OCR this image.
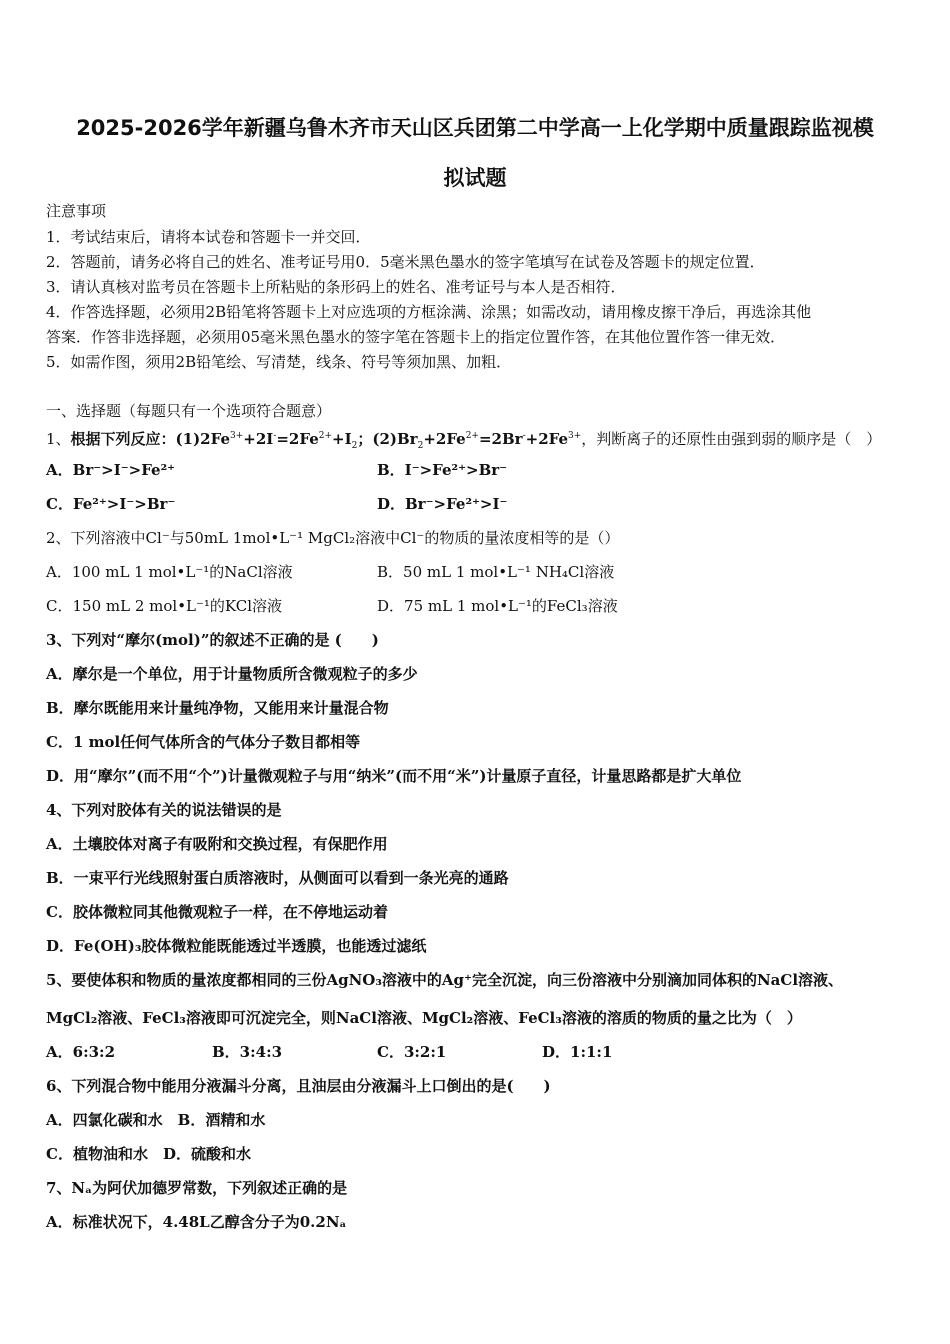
2025-2026学年新疆乌鲁木齐市天山区兵团第二中学高一上化学期中质量跟踪监视模
拟试题
注意事项
1．考试结束后，请将本试卷和答题卡一并交回．
2．答题前，请务必将自己的姓名、准考证号用0．5毫米黑色墨水的签字笔填写在试卷及答题卡的规定位置．
3．请认真核对监考员在答题卡上所粘贴的条形码上的姓名、准考证号与本人是否相符．
4．作答选择题，必须用2B铅笔将答题卡上对应选项的方框涂满、涂黑；如需改动，请用橡皮擦干净后，再选涂其他
答案．作答非选择题，必须用05毫米黑色墨水的签字笔在答题卡上的指定位置作答，在其他位置作答一律无效．
5．如需作图，须用2B铅笔绘、写清楚，线条、符号等须加黑、加粗．
一、选择题（每题只有一个选项符合题意）
1、根据下列反应：$(1)2Fe^{3+}+2I^-=2Fe^{2+}+I_2$；$(2)Br_2+2Fe^{2+}=2Br^-+2Fe^{3+}$，判断离子的还原性由强到弱的顺序是（　）
A．Br⁻>I⁻>Fe²⁺	B．I⁻>Fe²⁺>Br⁻
C．Fe²⁺>I⁻>Br⁻	D．Br⁻>Fe²⁺>I⁻
2、下列溶液中Cl⁻与50mL 1mol•L⁻¹ MgCl₂溶液中Cl⁻的物质的量浓度相等的是（）
A．100 mL 1 mol•L⁻¹的NaCl溶液	B．50 mL 1 mol•L⁻¹ NH₄Cl溶液
C．150 mL 2 mol•L⁻¹的KCl溶液	D．75 mL 1 mol•L⁻¹的FeCl₃溶液
3、下列对“摩尔(mol)”的叙述不正确的是 (　　)
A．摩尔是一个单位，用于计量物质所含微观粒子的多少
B．摩尔既能用来计量纯净物，又能用来计量混合物
C．1 mol任何气体所含的气体分子数目都相等
D．用“摩尔”(而不用“个”)计量微观粒子与用“纳米”(而不用“米”)计量原子直径，计量思路都是扩大单位
4、下列对胶体有关的说法错误的是
A．土壤胶体对离子有吸附和交换过程，有保肥作用
B．一束平行光线照射蛋白质溶液时，从侧面可以看到一条光亮的通路
C．胶体微粒同其他微观粒子一样，在不停地运动着
D．Fe(OH)₃胶体微粒能既能透过半透膜，也能透过滤纸
5、要使体积和物质的量浓度都相同的三份AgNO₃溶液中的Ag⁺完全沉淀，向三份溶液中分别滴加同体积的NaCl溶液、
MgCl₂溶液、FeCl₃溶液即可沉淀完全，则NaCl溶液、MgCl₂溶液、FeCl₃溶液的溶质的物质的量之比为（　）
A．6:3:2	B．3:4:3	C．3:2:1	D．1:1:1
6、下列混合物中能用分液漏斗分离，且油层由分液漏斗上口倒出的是(　　)
A．四氯化碳和水　B．酒精和水
C．植物油和水　D．硫酸和水
7、Nₐ为阿伏加德罗常数，下列叙述正确的是
A．标准状况下，4.48L乙醇含分子为0.2Nₐ
